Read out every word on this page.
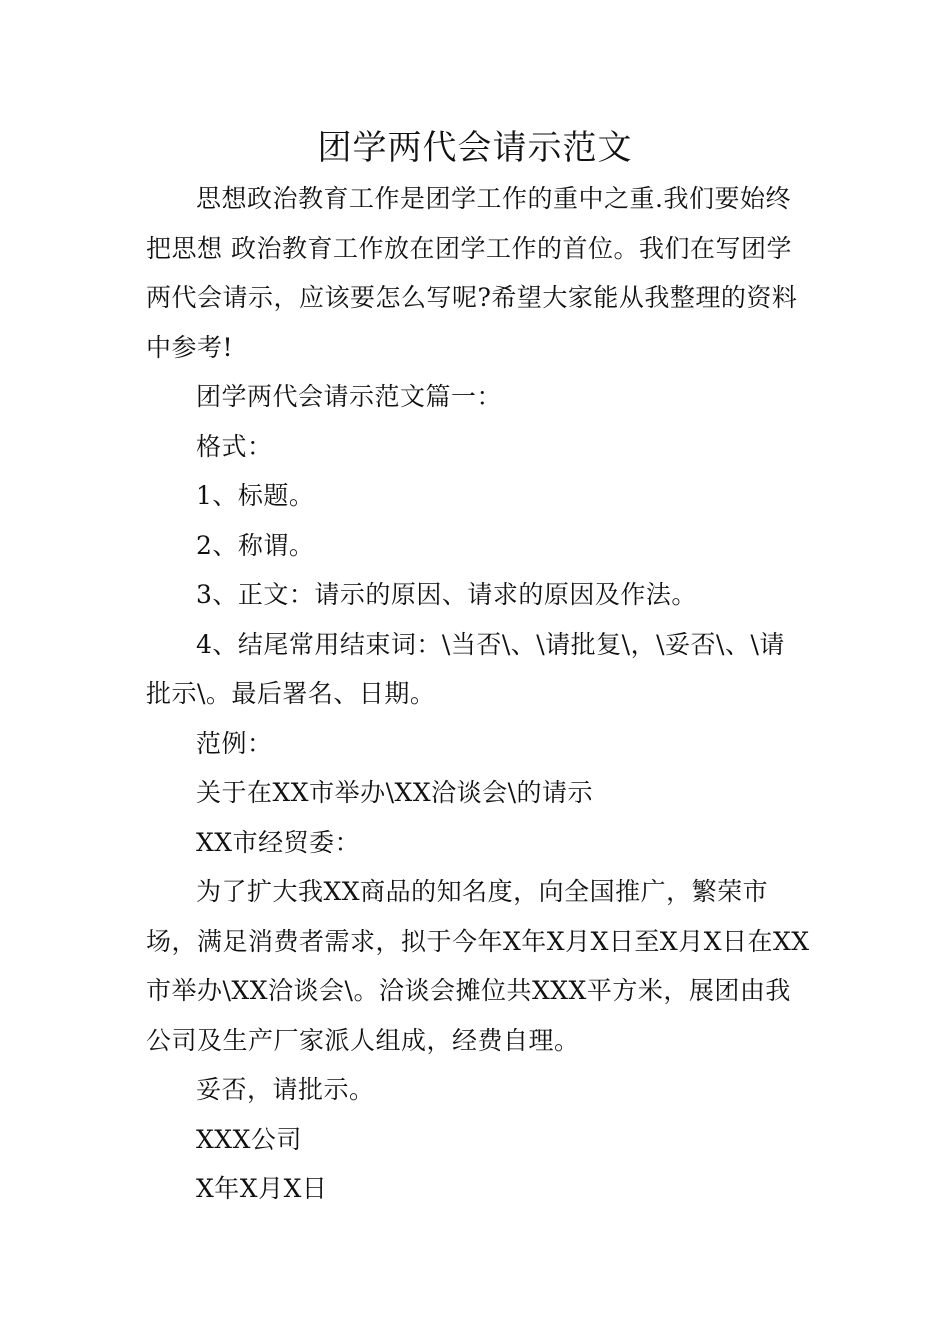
团学两代会请示范文

思想政治教育工作是团学工作的重中之重.我们要始终把思想 政治教育工作放在团学工作的首位。我们在写团学两代会请示，应该要怎么写呢?希望大家能从我整理的资料中参考!

团学两代会请示范文篇一：

格式：

1、标题。

2、称谓。

3、正文：请示的原因、请求的原因及作法。

4、结尾常用结束词：\当否\、\请批复\，\妥否\、\请批示\。最后署名、日期。

范例：

关于在XX市举办\XX洽谈会\的请示

XX市经贸委：

为了扩大我XX商品的知名度，向全国推广，繁荣市场，满足消费者需求，拟于今年X年X月X日至X月X日在XX市举办\XX洽谈会\。洽谈会摊位共XXX平方米，展团由我公司及生产厂家派人组成，经费自理。

妥否，请批示。

XXX公司

X年X月X日
